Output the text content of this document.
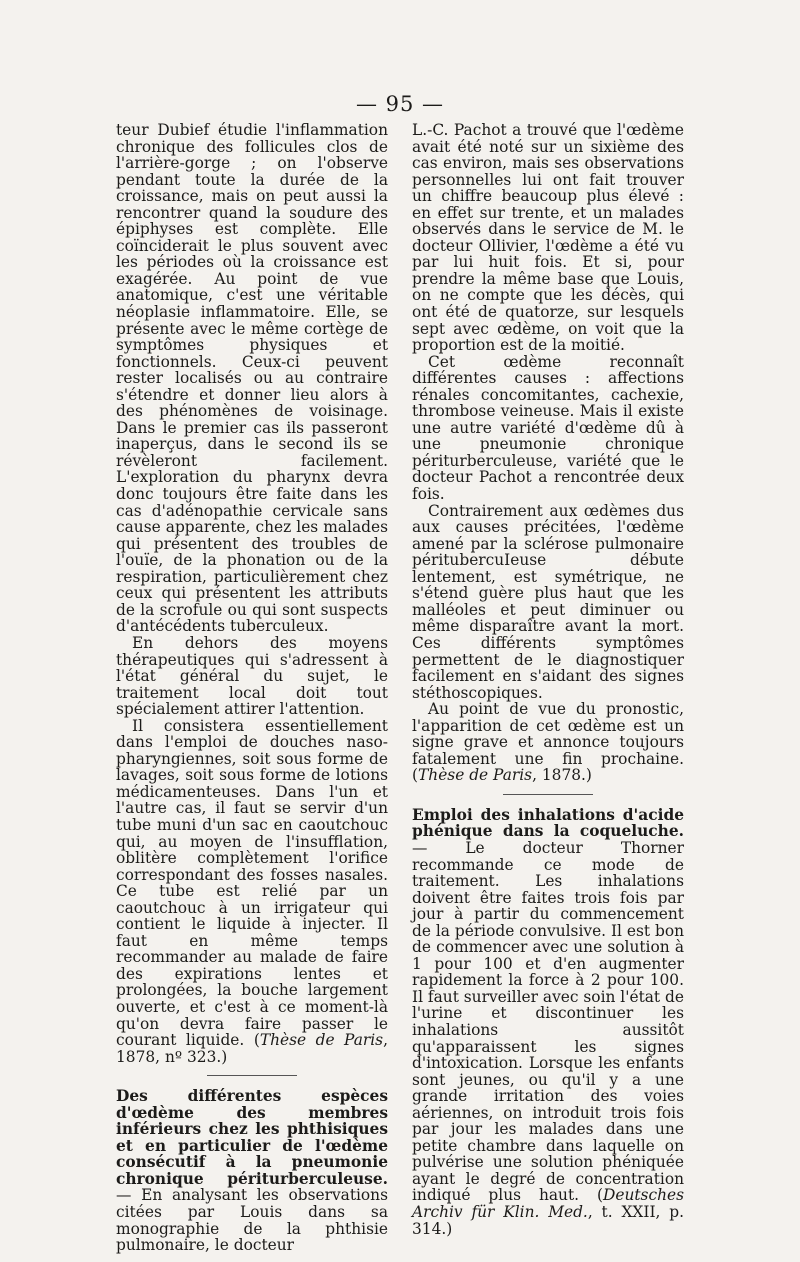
— 95 —

teur Dubief étudie l'inflammation chronique des follicules clos de l'arrière-gorge ; on l'observe pendant toute la durée de la croissance, mais on peut aussi la rencontrer quand la soudure des épiphyses est complète. Elle coïnciderait le plus souvent avec les périodes où la croissance est exagérée. Au point de vue anatomique, c'est une véritable néoplasie inflammatoire. Elle, se présente avec le même cortège de symptômes physiques et fonctionnels. Ceux-ci peuvent rester localisés ou au contraire s'étendre et donner lieu alors à des phénomènes de voisinage. Dans le premier cas ils passeront inaperçus, dans le second ils se révèleront facilement. L'exploration du pharynx devra donc toujours être faite dans les cas d'adénopathie cervicale sans cause apparente, chez les malades qui présentent des troubles de l'ouïe, de la phonation ou de la respiration, particulièrement chez ceux qui présentent les attributs de la scrofule ou qui sont suspects d'antécédents tuberculeux.

En dehors des moyens thérapeutiques qui s'adressent à l'état général du sujet, le traitement local doit tout spécialement attirer l'attention.

Il consistera essentiellement dans l'emploi de douches naso-pharyngiennes, soit sous forme de lavages, soit sous forme de lotions médicamenteuses. Dans l'un et l'autre cas, il faut se servir d'un tube muni d'un sac en caoutchouc qui, au moyen de l'insufflation, oblitère complètement l'orifice correspondant des fosses nasales. Ce tube est relié par un caoutchouc à un irrigateur qui contient le liquide à injecter. Il faut en même temps recommander au malade de faire des expirations lentes et prolongées, la bouche largement ouverte, et c'est à ce moment-là qu'on devra faire passer le courant liquide. (Thèse de Paris, 1878, nº 323.)

Des différentes espèces d'œdème des membres inférieurs chez les phthisiques et en particulier de l'œdème consécutif à la pneumonie chronique périturberculeuse. — En analysant les observations citées par Louis dans sa monographie de la phthisie pulmonaire, le docteur

L.-C. Pachot a trouvé que l'œdème avait été noté sur un sixième des cas environ, mais ses observations personnelles lui ont fait trouver un chiffre beaucoup plus élevé : en effet sur trente, et un malades observés dans le service de M. le docteur Ollivier, l'œdème a été vu par lui huit fois. Et si, pour prendre la même base que Louis, on ne compte que les décès, qui ont été de quatorze, sur lesquels sept avec œdème, on voit que la proportion est de la moitié.

Cet œdème reconnaît différentes causes : affections rénales concomitantes, cachexie, thrombose veineuse. Mais il existe une autre variété d'œdème dû à une pneumonie chronique périturberculeuse, variété que le docteur Pachot a rencontrée deux fois.

Contrairement aux œdèmes dus aux causes précitées, l'œdème amené par la sclérose pulmonaire péritubercuIeuse débute lentement, est symétrique, ne s'étend guère plus haut que les malléoles et peut diminuer ou même disparaître avant la mort. Ces différents symptômes permettent de le diagnostiquer facilement en s'aidant des signes stéthoscopiques.

Au point de vue du pronostic, l'apparition de cet œdème est un signe grave et annonce toujours fatalement une fin prochaine. (Thèse de Paris, 1878.)

Emploi des inhalations d'acide phénique dans la coqueluche. — Le docteur Thorner recommande ce mode de traitement. Les inhalations doivent être faites trois fois par jour à partir du commencement de la période convulsive. Il est bon de commencer avec une solution à 1 pour 100 et d'en augmenter rapidement la force à 2 pour 100. Il faut surveiller avec soin l'état de l'urine et discontinuer les inhalations aussitôt qu'apparaissent les signes d'intoxication. Lorsque les enfants sont jeunes, ou qu'il y a une grande irritation des voies aériennes, on introduit trois fois par jour les malades dans une petite chambre dans laquelle on pulvérise une solution phéniquée ayant le degré de concentration indiqué plus haut. (Deutsches Archiv für Klin. Med., t. XXII, p. 314.)
